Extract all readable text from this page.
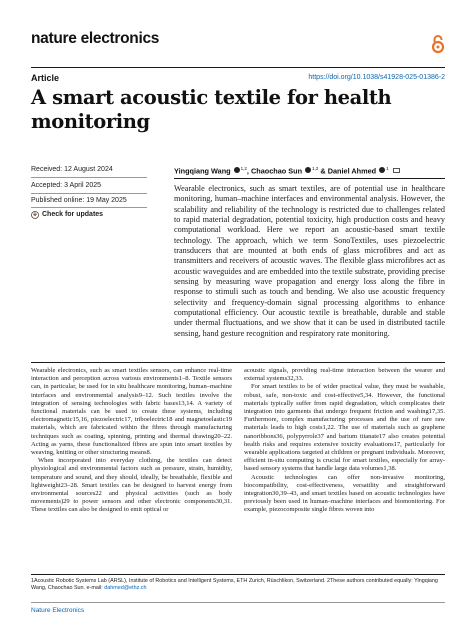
nature electronics
Article	https://doi.org/10.1038/s41928-025-01386-2
A smart acoustic textile for health monitoring
Received: 12 August 2024
Accepted: 3 April 2025
Published online: 19 May 2025
Check for updates
Yingqiang Wang $^{1,2}$, Chaochao Sun $^{1,2}$ & Daniel Ahmed $^1$

Wearable electronics, such as smart textiles, are of potential use in healthcare monitoring, human–machine interfaces and environmental analysis. However, the scalability and reliability of the technology is restricted due to challenges related to rapid material degradation, potential toxicity, high production costs and heavy computational workload. Here we report an acoustic-based smart textile technology. The approach, which we term SonoTextiles, uses piezoelectric transducers that are mounted at both ends of glass microfibres and act as transmitters and receivers of acoustic waves. The flexible glass microfibres act as acoustic waveguides and are embedded into the textile substrate, providing precise sensing by measuring wave propagation and energy loss along the fibre in response to stimuli such as touch and bending. We also use acoustic frequency selectivity and frequency-domain signal processing algorithms to enhance computational efficiency. Our acoustic textile is breathable, durable and stable under thermal fluctuations, and we show that it can be used in distributed tactile sensing, hand gesture recognition and respiratory rate monitoring.

Wearable electronics, such as smart textiles sensors, can enhance real-time interaction and perception across various environments1–8. Textile sensors can, in particular, be used for in situ healthcare monitoring, human–machine interfaces and environmental analysis9–12. Such textiles involve the integration of sensing technologies with fabric bases13,14. A variety of functional materials can be used to create these systems, including electromagnetic15,16, piezoelectric17, triboelectric18 and magnetoelastic19 materials, which are fabricated within the fibres through manufacturing techniques such as coating, spinning, printing and thermal drawing20–22. Acting as yarns, these functionalized fibres are spun into smart textiles by weaving, knitting or other structuring means8.

When incorporated into everyday clothing, the textiles can detect physiological and environmental factors such as pressure, strain, humidity, temperature and sound, and they should, ideally, be breathable, flexible and lightweight23–28. Smart textiles can be designed to harvest energy from environmental sources22 and physical activities (such as body movements)29 to power sensors and other electronic components30,31. These textiles can also be designed to emit optical or

acoustic signals, providing real-time interaction between the wearer and external systems32,33.

For smart textiles to be of wider practical value, they must be washable, robust, safe, non-toxic and cost-effective5,34. However, the functional materials typically suffer from rapid degradation, which complicates their integration into garments that undergo frequent friction and washing17,35. Furthermore, complex manufacturing processes and the use of rare raw materials leads to high costs1,22. The use of materials such as graphene nanoribbons36, polypyrrole37 and barium titanate17 also creates potential health risks and requires extensive toxicity evaluations17, particularly for wearable applications targeted at children or pregnant individuals. Moreover, efficient in-situ computing is crucial for smart textiles, especially for array-based sensory systems that handle large data volumes1,38.

Acoustic technologies can offer non-invasive monitoring, biocompatibility, cost-effectiveness, versatility and straightforward integration30,39–43, and smart textiles based on acoustic technologies have previously been used in human–machine interfaces and biomonitoring. For example, piezocomposite single fibres woven into

1Acoustic Robotic Systems Lab (ARSL), Institute of Robotics and Intelligent Systems, ETH Zurich, Rüschlikon, Switzerland. 2These authors contributed equally: Yingqiang Wang, Chaochao Sun. e-mail: dahmed@ethz.ch
Nature Electronics
